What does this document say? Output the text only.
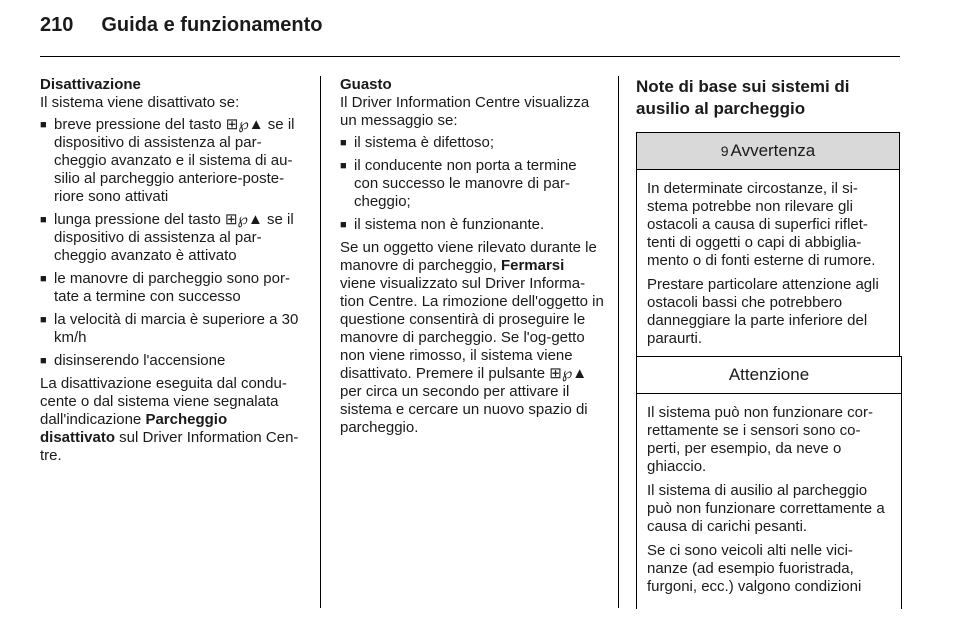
210 Guida e funzionamento

Disattivazione

Il sistema viene disattivato se:

■ breve pressione del tasto ⊞℘▲ se il dispositivo di assistenza al par-cheggio avanzato e il sistema di au-silio al parcheggio anteriore-poste-riore sono attivati
■ lunga pressione del tasto ⊞℘▲ se il dispositivo di assistenza al par-cheggio avanzato è attivato
■ le manovre di parcheggio sono por-tate a termine con successo
■ la velocità di marcia è superiore a 30 km/h
■ disinserendo l'accensione

La disattivazione eseguita dal condu-cente o dal sistema viene segnalata dall'indicazione Parcheggio disattivato sul Driver Information Cen-tre.

Guasto

Il Driver Information Centre visualizza un messaggio se:

■ il sistema è difettoso;
■ il conducente non porta a termine con successo le manovre di par-cheggio;
■ il sistema non è funzionante.

Se un oggetto viene rilevato durante le manovre di parcheggio, Fermarsi viene visualizzato sul Driver Informa-tion Centre. La rimozione dell'oggetto in questione consentirà di proseguire le manovre di parcheggio. Se l'og-getto non viene rimosso, il sistema viene disattivato. Premere il pulsante ⊞℘▲ per circa un secondo per attivare il sistema e cercare un nuovo spazio di parcheggio.

Note di base sui sistemi di ausilio al parcheggio

9 Avvertenza

In determinate circostanze, il si-stema potrebbe non rilevare gli ostacoli a causa di superfici riflet-tenti di oggetti o capi di abbiglia-mento o di fonti esterne di rumore.

Prestare particolare attenzione agli ostacoli bassi che potrebbero danneggiare la parte inferiore del paraurti.

Attenzione

Il sistema può non funzionare cor-rettamente se i sensori sono co-perti, per esempio, da neve o ghiaccio.

Il sistema di ausilio al parcheggio può non funzionare correttamente a causa di carichi pesanti.

Se ci sono veicoli alti nelle vici-nanze (ad esempio fuoristrada, furgoni, ecc.) valgono condizioni
